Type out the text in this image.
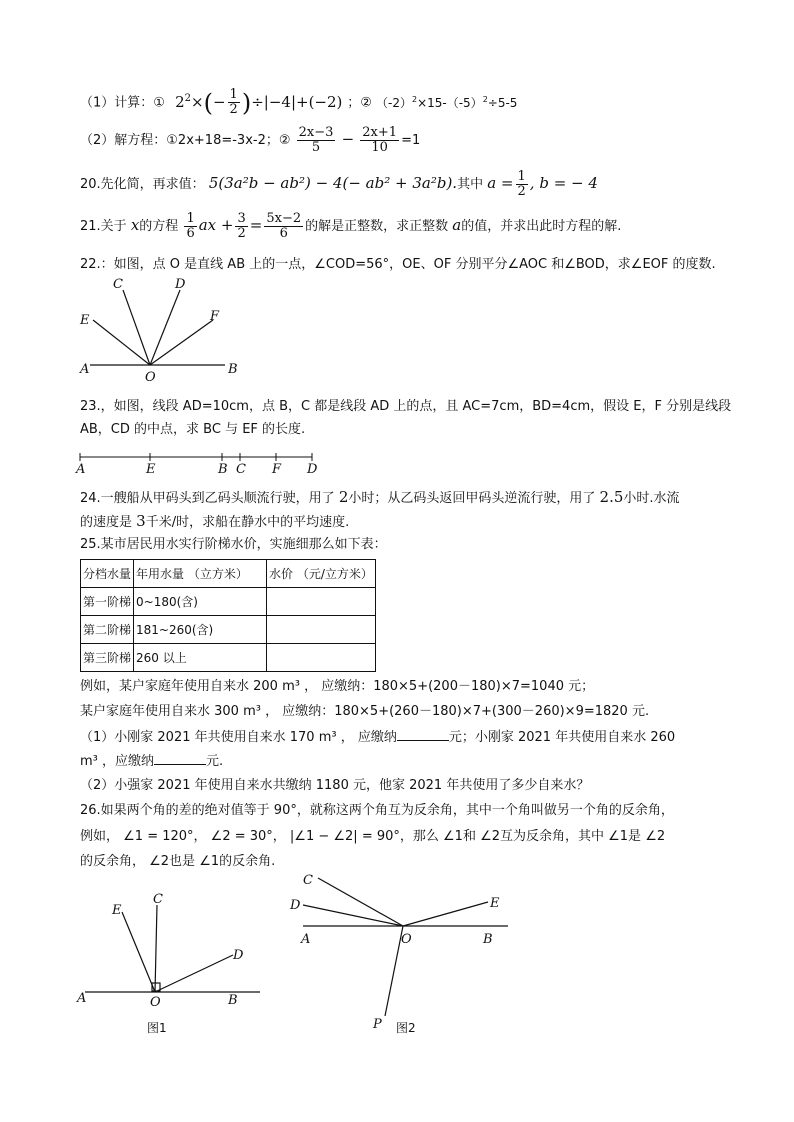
（1）计算：① $2^2\times(- \frac{1}{2} )\div|-4|+(-2)$ ；② $(-2)^2\times 15-(-5)^2\div 5-5$
（2）解方程：①2x+18=-3x-2；② $\frac{2x-3}{5} - \frac{2x+1}{10} =1$
20.先化简，再求值： 5(3a²b − ab²) − 4(− ab² + 3a²b).其中 $a = \frac{1}{2}$ , b = − 4
21.关于 x的方程 $\frac{1}{6}$ ax + $\frac{3}{2} = \frac{5x-2}{6}$ 的解是正整数，求正整数 a的值，并求出此时方程的解.
22.：如图，点 O 是直线 AB 上的一点，∠COD=56°，OE、OF 分别平分∠AOC 和∠BOD，求∠EOF 的度数.
C	D
E	F
A
O
B
23.，如图，线段 AD=10cm，点 B，C 都是线段 AD 上的点，且 AC=7cm，BD=4cm，假设 E，F 分别是线段
AB，CD 的中点，求 BC 与 EF 的长度.
A	E	B C F D
24.一艘船从甲码头到乙码头顺流行驶，用了 2小时；从乙码头返回甲码头逆流行驶，用了 2.5小时.水流
的速度是 3千米/时，求船在静水中的平均速度.
25.某市居民用水实行阶梯水价，实施细那么如下表：
分档水量	年用水量 （立方米）	水价 （元/立方米）
第一阶梯	0~180(含)	
第二阶梯	181~260(含)	
第三阶梯	260 以上	
例如，某户家庭年使用自来水 200 m³ ， 应缴纳：180×5+(200－180)×7=1040 元；
某户家庭年使用自来水 300 m³ ， 应缴纳：180×5+(260－180)×7+(300－260)×9=1820 元.
（1）小刚家 2021 年共使用自来水 170 m³ ， 应缴纳	元；小刚家 2021 年共使用自来水 260
m³ ，应缴纳	元.
（2）小强家 2021 年使用自来水共缴纳 1180 元，他家 2021 年共使用了多少自来水？
26.如果两个角的差的绝对值等于 90°，就称这两个角互为反余角，其中一个角叫做另一个角的反余角，
例如， ∠1 = 120°， ∠2 = 30°， |∠1 − ∠2| = 90°，那么 ∠1和 ∠2互为反余角，其中 ∠1是 ∠2
的反余角， ∠2也是 ∠1的反余角.
E
C
D
A	O	B
图1
C
D	E
A	O	B
P 图2
